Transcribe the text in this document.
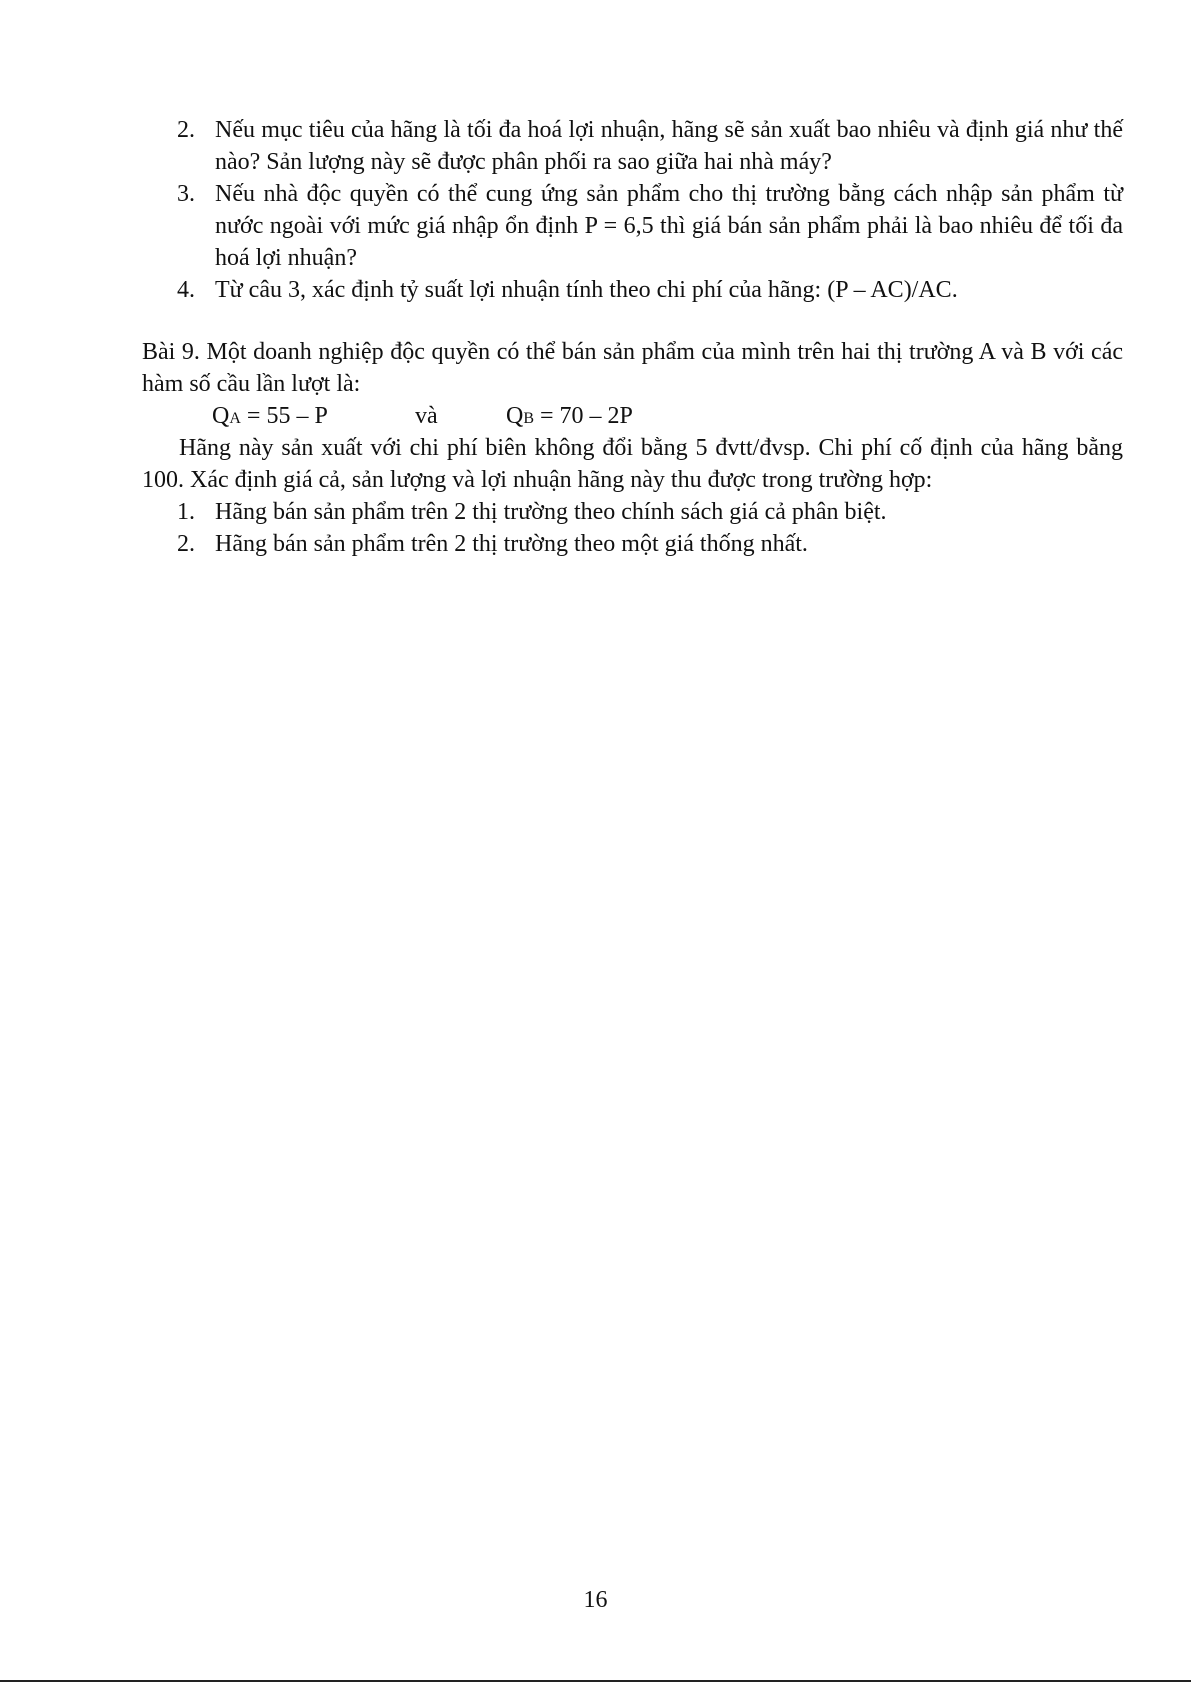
2. Nếu mục tiêu của hãng là tối đa hoá lợi nhuận, hãng sẽ sản xuất bao nhiêu và định giá như thế nào? Sản lượng này sẽ được phân phối ra sao giữa hai nhà máy?
3. Nếu nhà độc quyền có thể cung ứng sản phẩm cho thị trường bằng cách nhập sản phẩm từ nước ngoài với mức giá nhập ổn định P = 6,5 thì giá bán sản phẩm phải là bao nhiêu để tối đa hoá lợi nhuận?
4. Từ câu 3, xác định tỷ suất lợi nhuận tính theo chi phí của hãng: (P – AC)/AC.
Bài 9. Một doanh nghiệp độc quyền có thể bán sản phẩm của mình trên hai thị trường A và B với các hàm số cầu lần lượt là:
QA = 55 – P	và	QB = 70 – 2P
Hãng này sản xuất với chi phí biên không đổi bằng 5 đvtt/đvsp. Chi phí cố định của hãng bằng 100. Xác định giá cả, sản lượng và lợi nhuận hãng này thu được trong trường hợp:
1. Hãng bán sản phẩm trên 2 thị trường theo chính sách giá cả phân biệt.
2. Hãng bán sản phẩm trên 2 thị trường theo một giá thống nhất.
16
